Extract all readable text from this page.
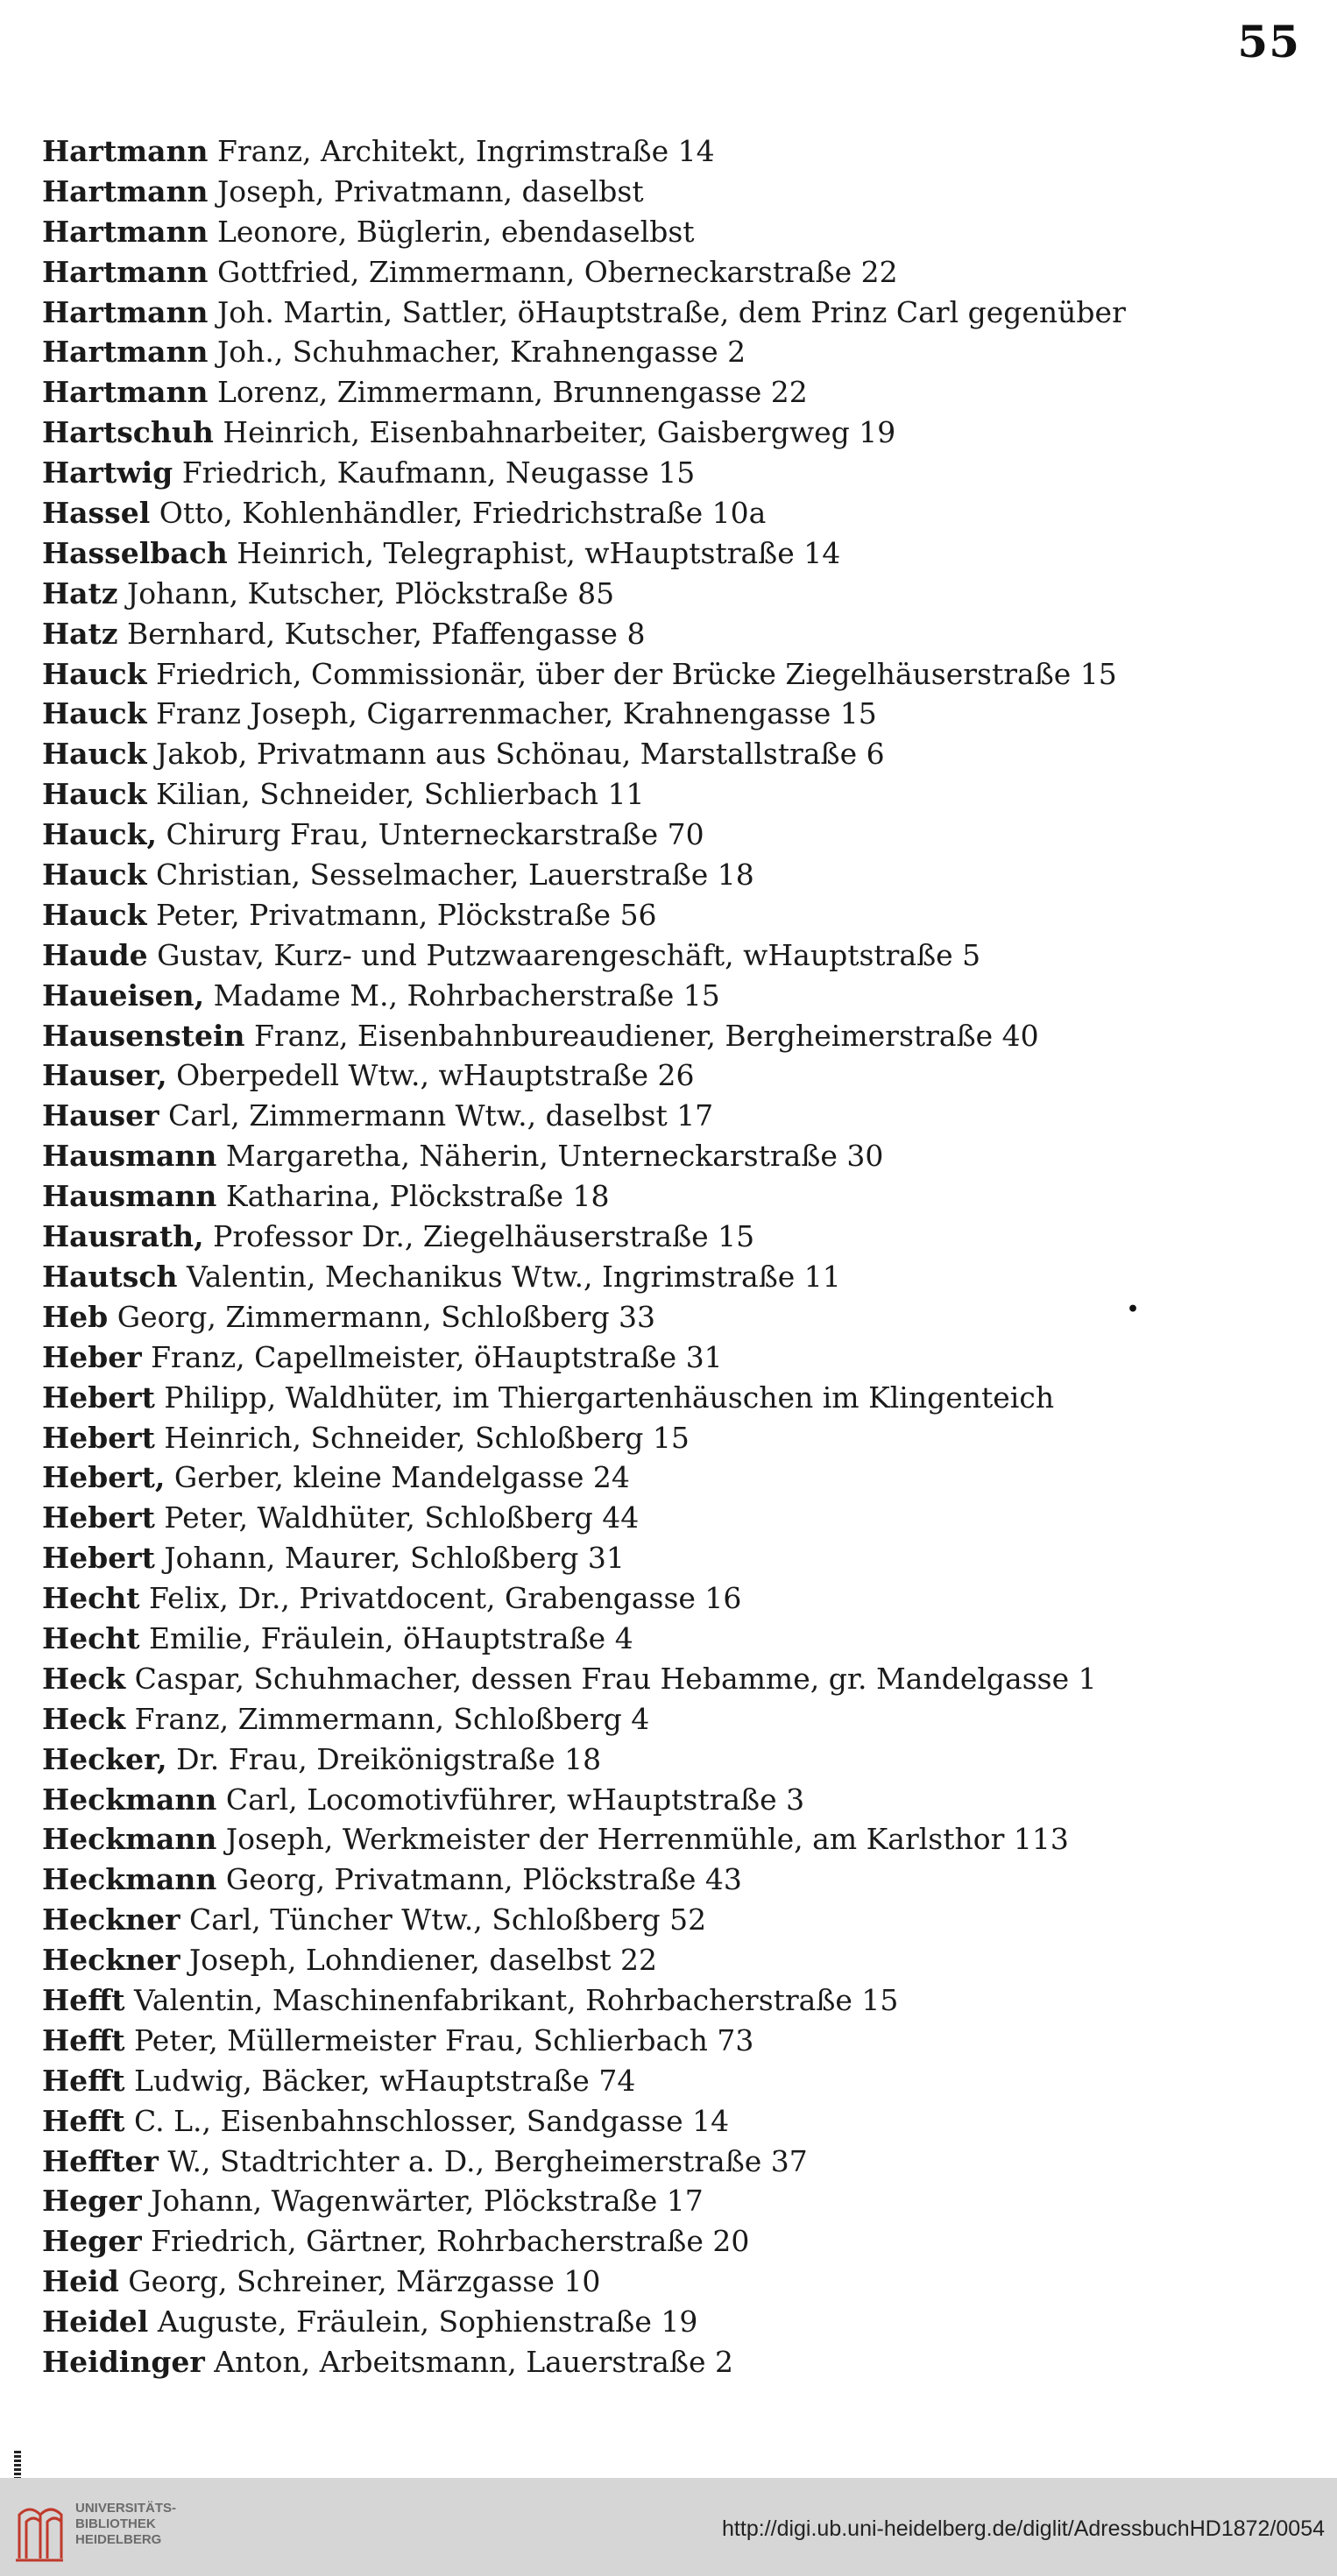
55
Hartmann Franz, Architekt, Ingrimstraße 14
Hartmann Joseph, Privatmann, daselbst
Hartmann Leonore, Büglerin, ebendaselbst
Hartmann Gottfried, Zimmermann, Oberneckarstraße 22
Hartmann Joh. Martin, Sattler, öHauptstraße, dem Prinz Carl gegenüber
Hartmann Joh., Schuhmacher, Krahnengasse 2
Hartmann Lorenz, Zimmermann, Brunnengasse 22
Hartschuh Heinrich, Eisenbahnarbeiter, Gaisbergweg 19
Hartwig Friedrich, Kaufmann, Neugasse 15
Hassel Otto, Kohlenhändler, Friedrichstraße 10a
Hasselbach Heinrich, Telegraphist, wHauptstraße 14
Hatz Johann, Kutscher, Plöckstraße 85
Hatz Bernhard, Kutscher, Pfaffengasse 8
Hauck Friedrich, Commissionär, über der Brücke Ziegelhäuserstraße 15
Hauck Franz Joseph, Cigarrenmacher, Krahnengasse 15
Hauck Jakob, Privatmann aus Schönau, Marstallstraße 6
Hauck Kilian, Schneider, Schlierbach 11
Hauck, Chirurg Frau, Unterneckarstraße 70
Hauck Christian, Sesselmacher, Lauerstraße 18
Hauck Peter, Privatmann, Plöckstraße 56
Haude Gustav, Kurz- und Putzwaarengeschäft, wHauptstraße 5
Haueisen, Madame M., Rohrbacherstraße 15
Hausenstein Franz, Eisenbahnbureaudiener, Bergheimerstraße 40
Hauser, Oberpedell Wtw., wHauptstraße 26
Hauser Carl, Zimmermann Wtw., daselbst 17
Hausmann Margaretha, Näherin, Unterneckarstraße 30
Hausmann Katharina, Plöckstraße 18
Hausrath, Professor Dr., Ziegelhäuserstraße 15
Hautsch Valentin, Mechanikus Wtw., Ingrimstraße 11
Heb Georg, Zimmermann, Schloßberg 33
Heber Franz, Capellmeister, öHauptstraße 31
Hebert Philipp, Waldhüter, im Thiergartenhäuschen im Klingenteich
Hebert Heinrich, Schneider, Schloßberg 15
Hebert, Gerber, kleine Mandelgasse 24
Hebert Peter, Waldhüter, Schloßberg 44
Hebert Johann, Maurer, Schloßberg 31
Hecht Felix, Dr., Privatdocent, Grabengasse 16
Hecht Emilie, Fräulein, öHauptstraße 4
Heck Caspar, Schuhmacher, dessen Frau Hebamme, gr. Mandelgasse 1
Heck Franz, Zimmermann, Schloßberg 4
Hecker, Dr. Frau, Dreikönigstraße 18
Heckmann Carl, Locomotivführer, wHauptstraße 3
Heckmann Joseph, Werkmeister der Herrenmühle, am Karlsthor 113
Heckmann Georg, Privatmann, Plöckstraße 43
Heckner Carl, Tüncher Wtw., Schloßberg 52
Heckner Joseph, Lohndiener, daselbst 22
Hefft Valentin, Maschinenfabrikant, Rohrbacherstraße 15
Hefft Peter, Müllermeister Frau, Schlierbach 73
Hefft Ludwig, Bäcker, wHauptstraße 74
Hefft C. L., Eisenbahnschlosser, Sandgasse 14
Heffter W., Stadtrichter a. D., Bergheimerstraße 37
Heger Johann, Wagenwärter, Plöckstraße 17
Heger Friedrich, Gärtner, Rohrbacherstraße 20
Heid Georg, Schreiner, Märzgasse 10
Heidel Auguste, Fräulein, Sophienstraße 19
Heidinger Anton, Arbeitsmann, Lauerstraße 2
•
UNIVERSITÄTS-
BIBLIOTHEK
HEIDELBERG	http://digi.ub.uni-heidelberg.de/diglit/AdressbuchHD1872/0054
